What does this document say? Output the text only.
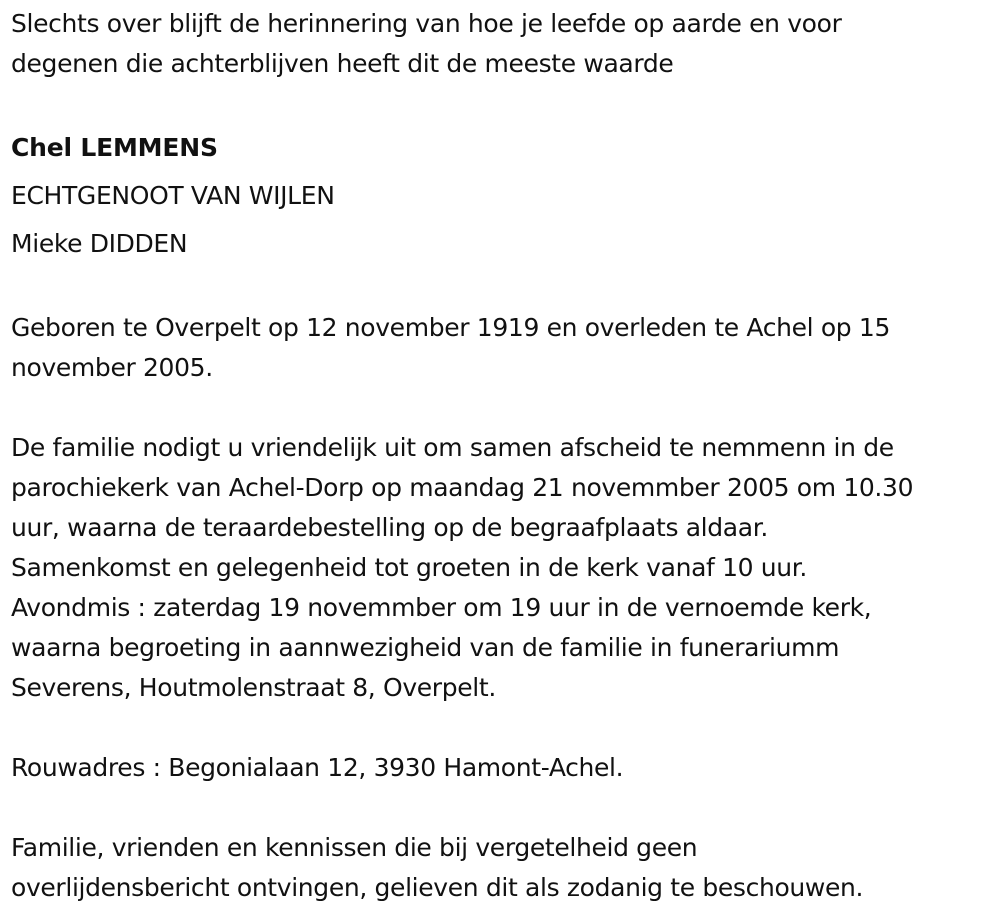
Slechts over blijft de herinnering van hoe je leefde op aarde en voor
degenen die achterblijven heeft dit de meeste waarde
Chel LEMMENS
ECHTGENOOT VAN WIJLEN
Mieke DIDDEN
Geboren te Overpelt op 12 november 1919 en overleden te Achel op 15
november 2005.
De familie nodigt u vriendelijk uit om samen afscheid te nemmenn in de
parochiekerk van Achel-Dorp op maandag 21 novemmber 2005 om 10.30
uur, waarna de teraardebestelling op de begraafplaats aldaar.
Samenkomst en gelegenheid tot groeten in de kerk vanaf 10 uur.
Avondmis : zaterdag 19 novemmber om 19 uur in de vernoemde kerk,
waarna begroeting in aannwezigheid van de familie in funerariumm
Severens, Houtmolenstraat 8, Overpelt.
Rouwadres : Begonialaan 12, 3930 Hamont-Achel.
Familie, vrienden en kennissen die bij vergetelheid geen
overlijdensbericht ontvingen, gelieven dit als zodanig te beschouwen.
